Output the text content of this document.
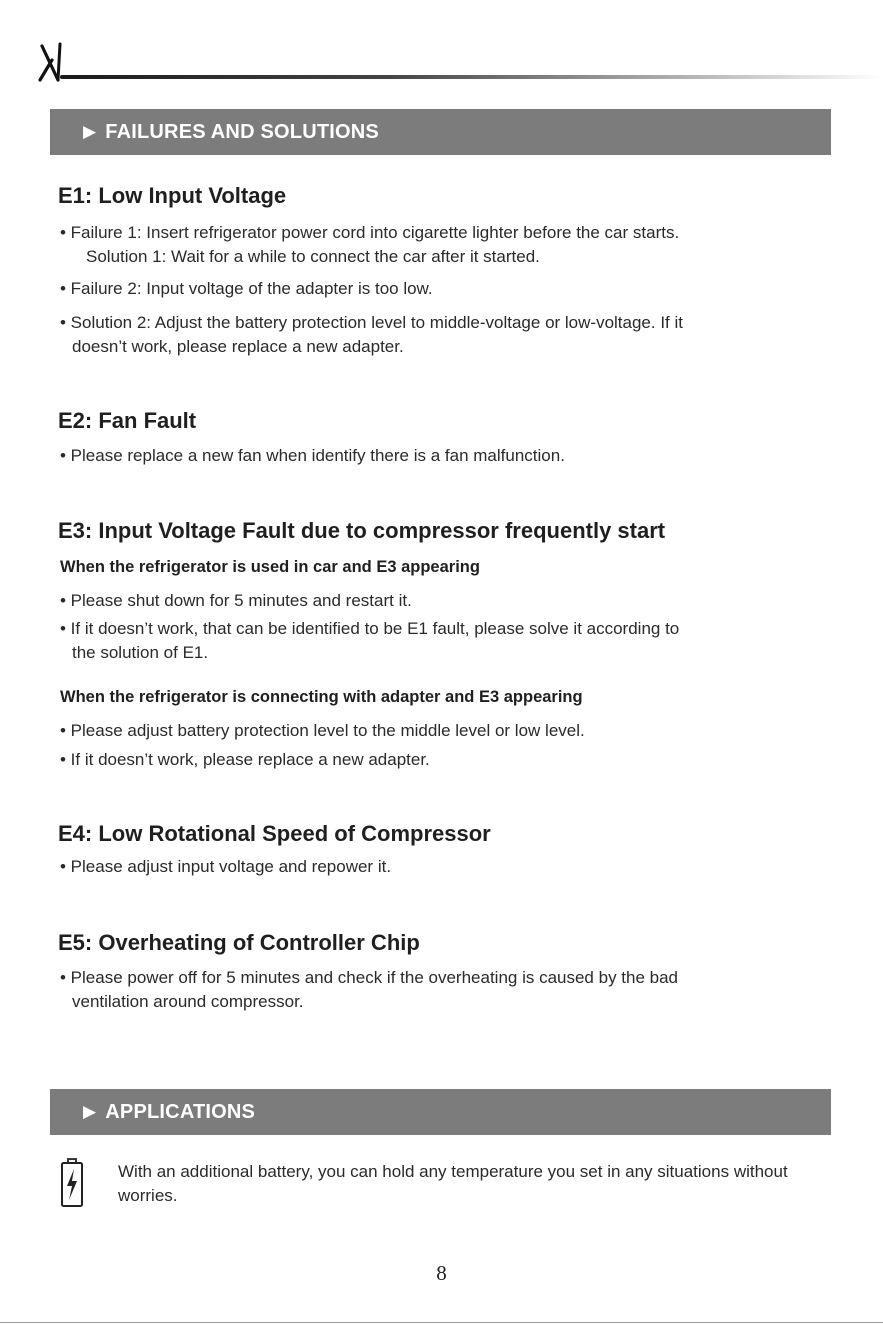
▶ FAILURES AND SOLUTIONS
E1: Low Input Voltage
• Failure 1: Insert refrigerator power cord into cigarette lighter before the car starts.
Solution 1: Wait for a while to connect the car after it started.
• Failure 2: Input voltage of the adapter is too low.
• Solution 2: Adjust the battery protection level to middle-voltage or low-voltage. If it
doesn’t work, please replace a new adapter.
E2: Fan Fault
• Please replace a new fan when identify there is a fan malfunction.
E3: Input Voltage Fault due to compressor frequently start
When the refrigerator is used in car and E3 appearing
• Please shut down for 5 minutes and restart it.
• If it doesn’t work, that can be identified to be E1 fault, please solve it according to
the solution of E1.
When the refrigerator is connecting with adapter and E3 appearing
• Please adjust battery protection level to the middle level or low level.
• If it doesn’t work, please replace a new adapter.
E4: Low Rotational Speed of Compressor
• Please adjust input voltage and repower it.
E5: Overheating of Controller Chip
• Please power off for 5 minutes and check if the overheating is caused by the bad
ventilation around compressor.
▶ APPLICATIONS
With an additional battery, you can hold any temperature you set in any situations without worries.
8
